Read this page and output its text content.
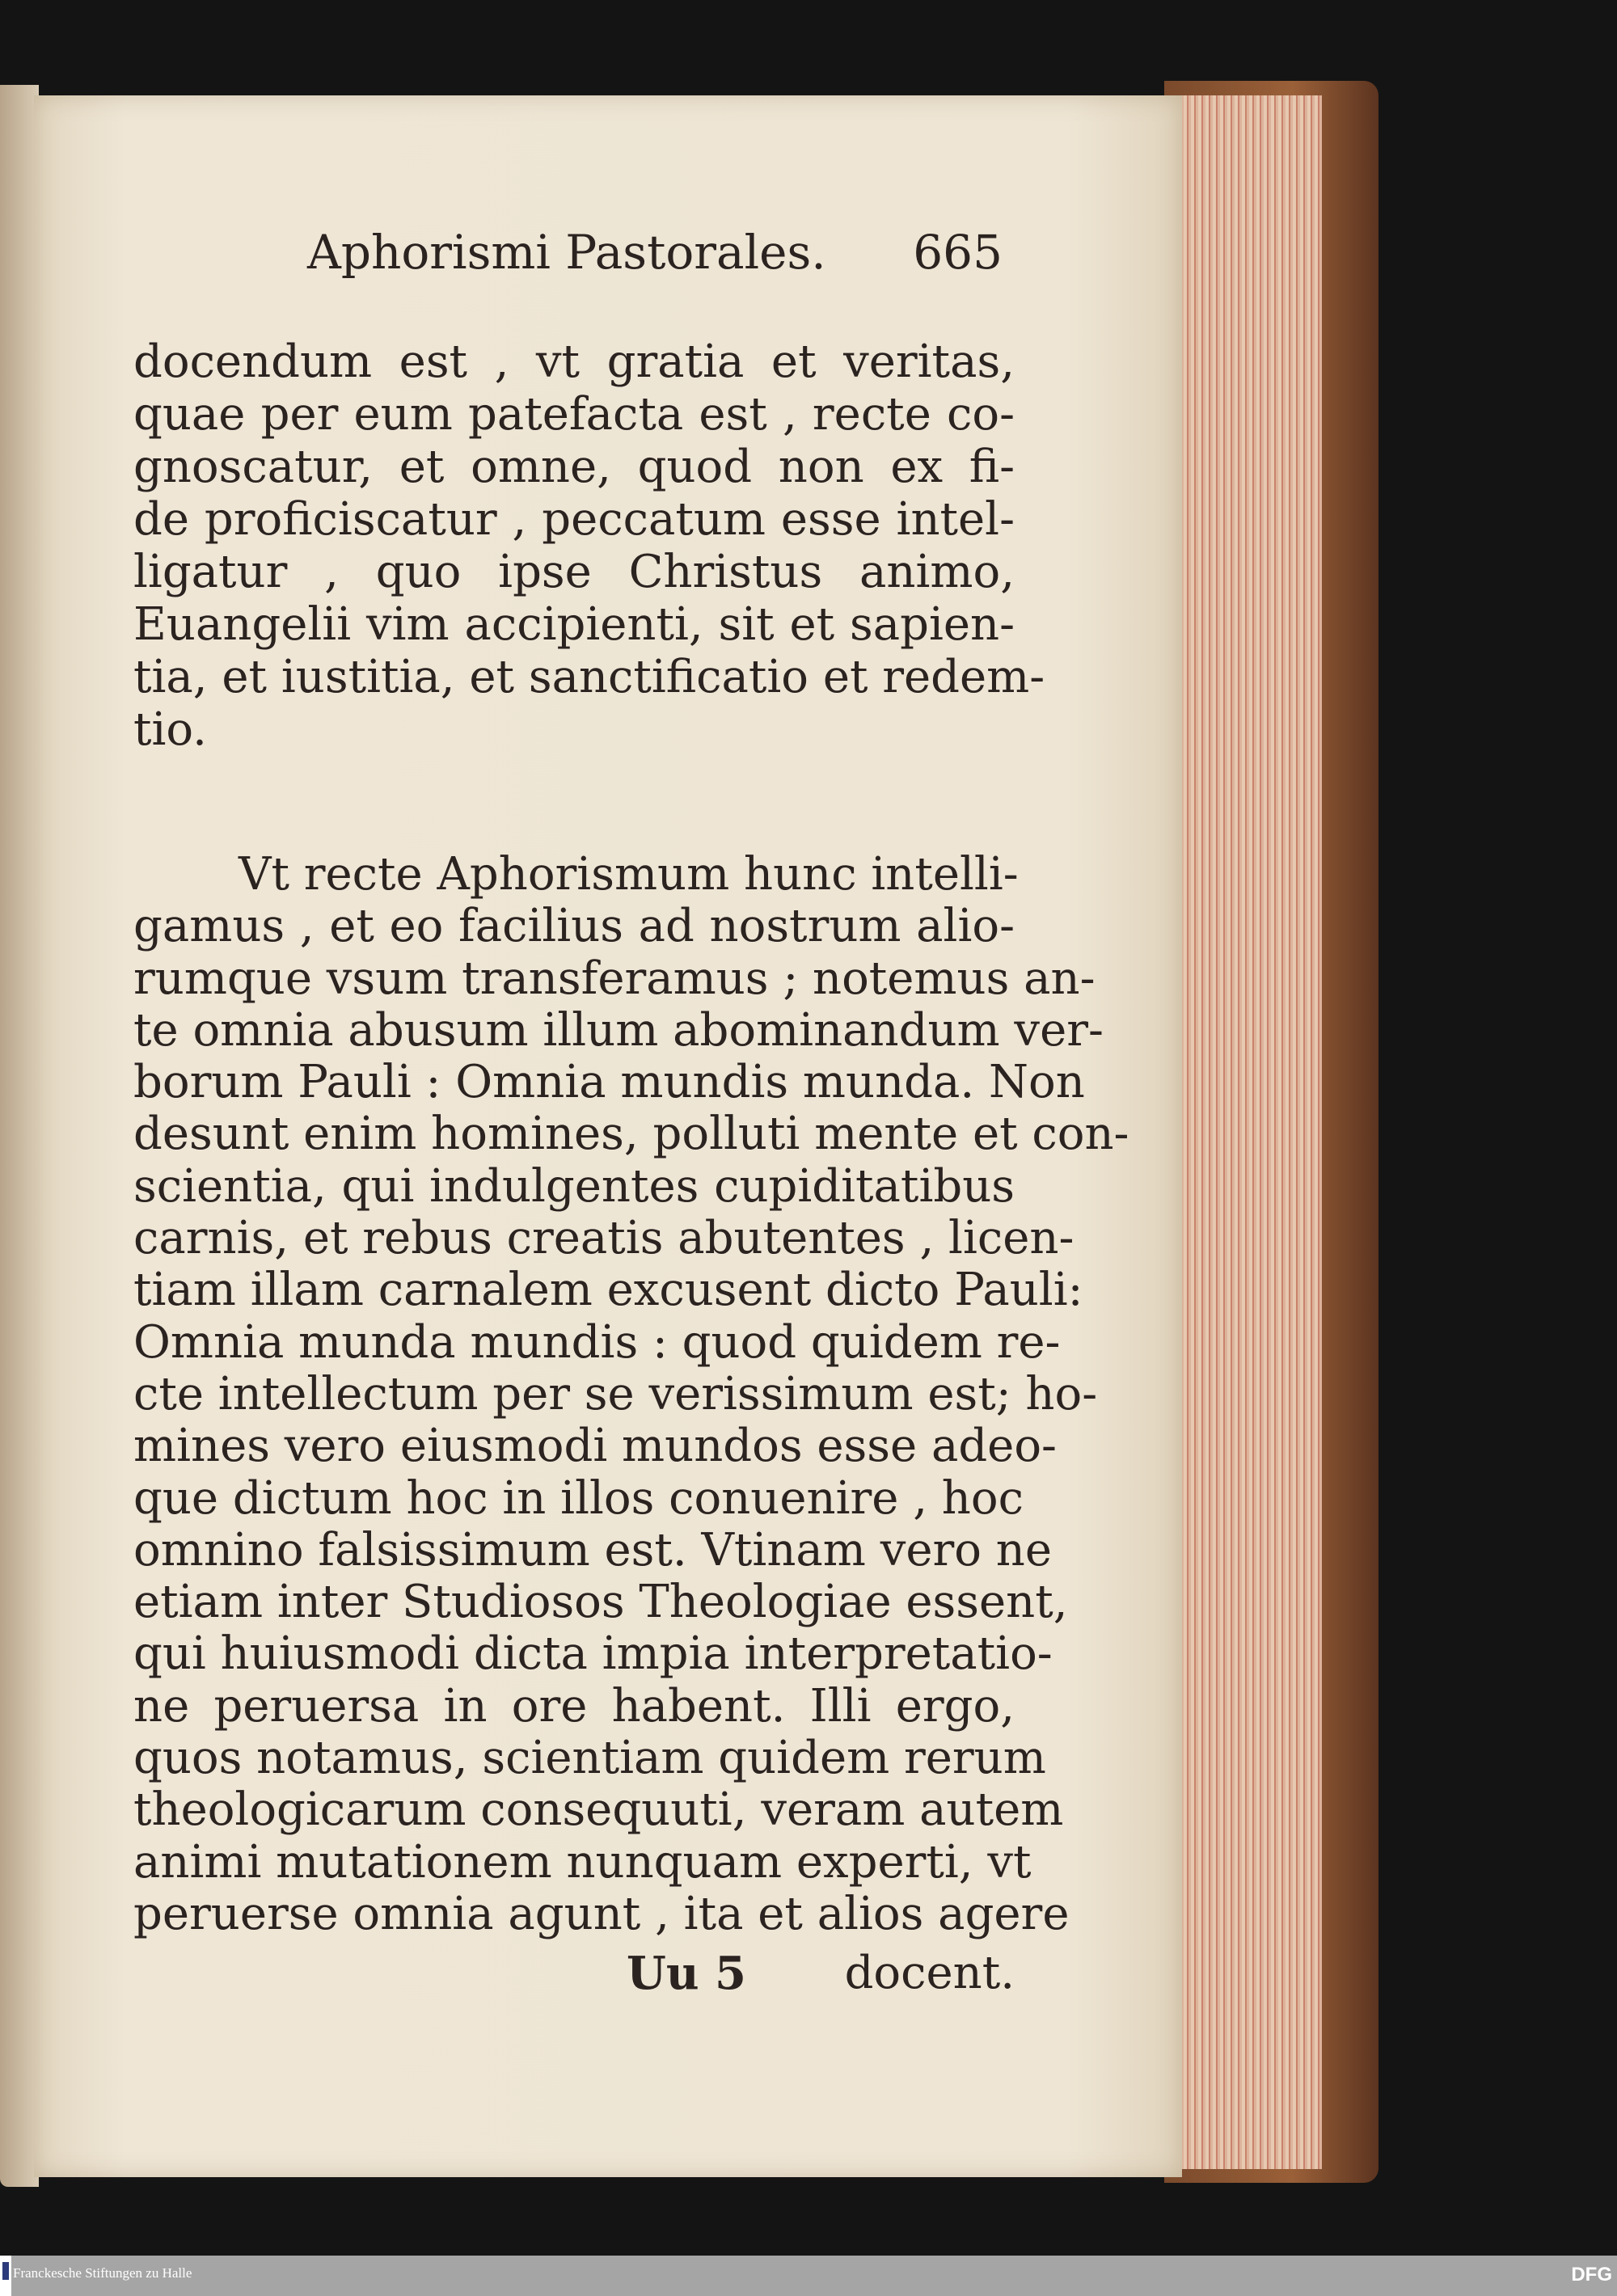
Aphorismi Pastorales. 665
docendum est , vt gratia et veritas,
quae per eum patefacta est , recte co-
gnoscatur, et omne, quod non ex fi-
de proficiscatur , peccatum esse intel-
ligatur , quo ipse Christus animo,
Euangelii vim accipienti, sit et sapien-
tia, et iustitia, et sanctificatio et redem-
tio.
Vt recte Aphorismum hunc intelli-
gamus , et eo facilius ad nostrum alio-
rumque vsum transferamus ; notemus an-
te omnia abusum illum abominandum ver-
borum Pauli : Omnia mundis munda. Non
desunt enim homines, polluti mente et con-
scientia, qui indulgentes cupiditatibus
carnis, et rebus creatis abutentes , licen-
tiam illam carnalem excusent dicto Pauli:
Omnia munda mundis : quod quidem re-
cte intellectum per se verissimum est; ho-
mines vero eiusmodi mundos esse adeo-
que dictum hoc in illos conuenire , hoc
omnino falsissimum est. Vtinam vero ne
etiam inter Studiosos Theologiae essent,
qui huiusmodi dicta impia interpretatio-
ne peruersa in ore habent. Illi ergo,
quos notamus, scientiam quidem rerum
theologicarum consequuti, veram autem
animi mutationem nunquam experti, vt
peruerse omnia agunt , ita et alios agere
Uu 5 docent.
Franckesche Stiftungen zu Halle	DFG
